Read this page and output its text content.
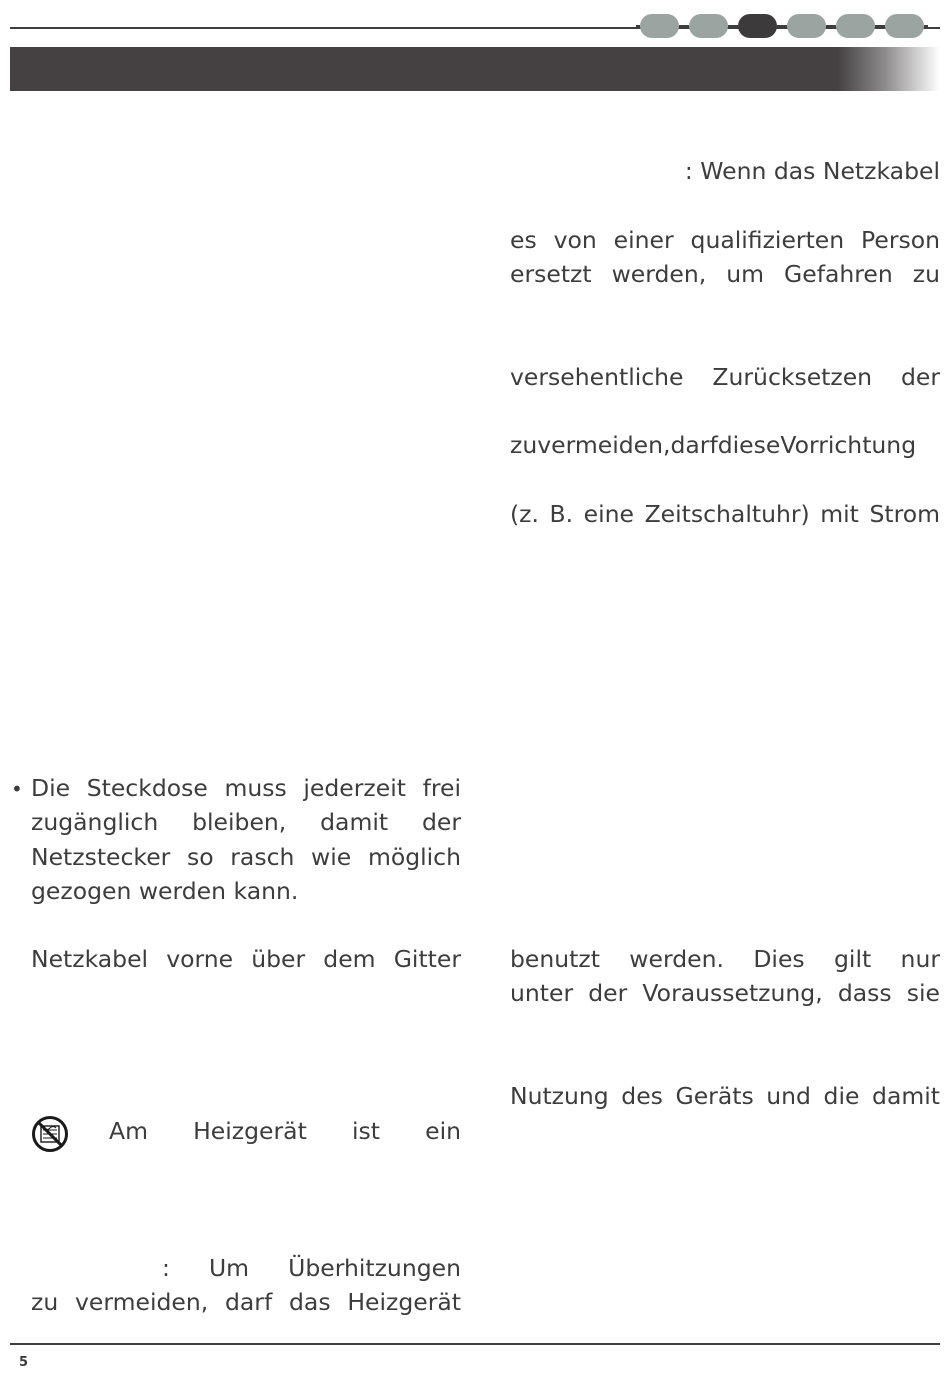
: Wenn das Netzkabel
es von einer qualifizierten Person
ersetzt werden, um Gefahren zu
versehentliche Zurücksetzen der
zuvermeiden,darfdieseVorrichtung
(z. B. eine Zeitschaltuhr) mit Strom
benutzt werden. Dies gilt nur
unter der Voraussetzung, dass sie
Nutzung des Geräts und die damit
• Die Steckdose muss jederzeit frei zugänglich bleiben, damit der Netzstecker so rasch wie möglich gezogen werden kann.
Netzkabel vorne über dem Gitter
Am Heizgerät ist ein
: Um Überhitzungen
zu vermeiden, darf das Heizgerät
5
